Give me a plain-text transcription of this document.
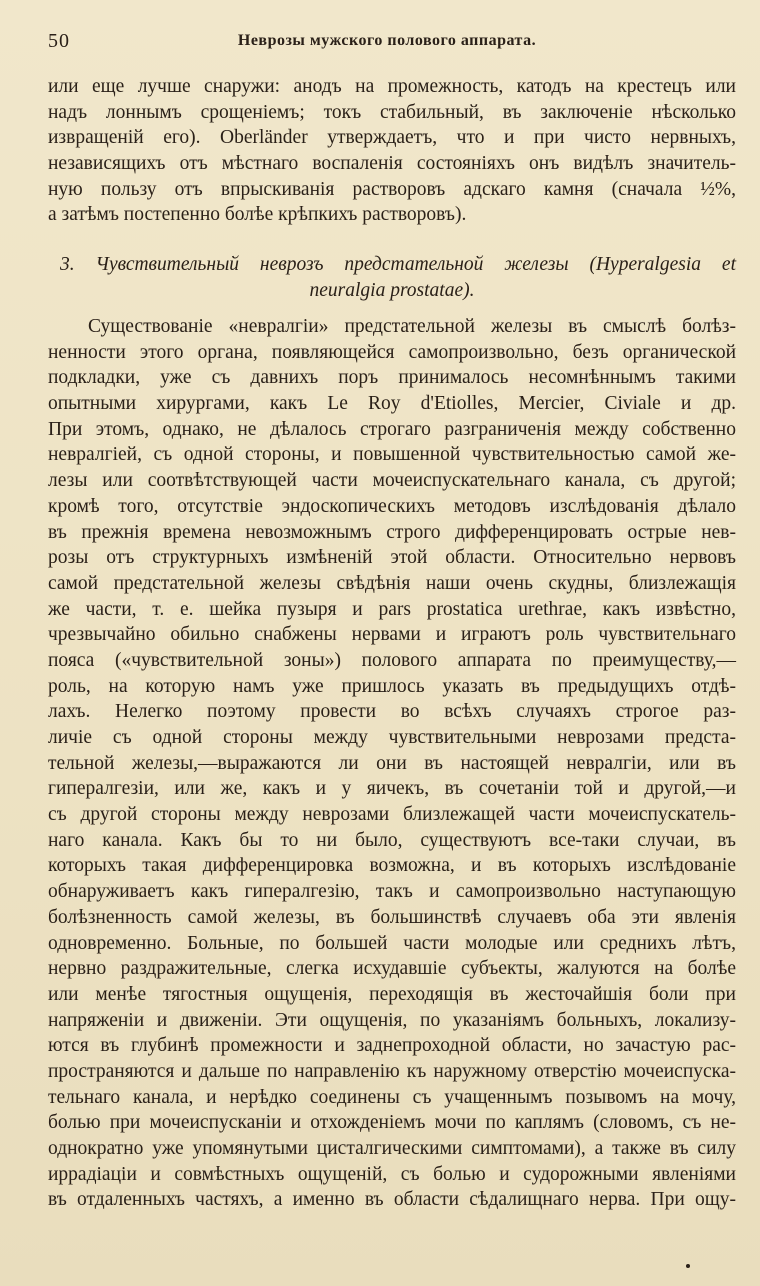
50	Неврозы мужского полового аппарата.
или еще лучше снаружи: анодъ на промежность, катодъ на крестецъ или
надъ лоннымъ срощеніемъ; токъ стабильный, въ заключеніе нѣсколько
извращеній его). Oberländer утверждаетъ, что и при чисто нервныхъ,
независящихъ отъ мѣстнаго воспаленія состояніяхъ онъ видѣлъ значитель-
ную пользу отъ впрыскиванія растворовъ адскаго камня (сначала ½%,
а затѣмъ постепенно болѣе крѣпкихъ растворовъ).
3. Чувствительный неврозъ предстательной железы (Hyperalgesia et
neuralgia prostatae).
Существованіе «невралгіи» предстательной железы въ смыслѣ болѣз-
ненности этого органа, появляющейся самопроизвольно, безъ органической
подкладки, уже съ давнихъ поръ принималось несомнѣннымъ такими
опытными хирургами, какъ Le Roy d'Etiolles, Mercier, Civiale и др.
При этомъ, однако, не дѣлалось строгаго разграниченія между собственно
невралгіей, съ одной стороны, и повышенной чувствительностью самой же-
лезы или соотвѣтствующей части мочеиспускательнаго канала, съ другой;
кромѣ того, отсутствіе эндоскопическихъ методовъ изслѣдованія дѣлало
въ прежнія времена невозможнымъ строго дифференцировать острые нев-
розы отъ структурныхъ измѣненій этой области. Относительно нервовъ
самой предстательной железы свѣдѣнія наши очень скудны, близлежащія
же части, т. е. шейка пузыря и pars prostatica urethrae, какъ извѣстно,
чрезвычайно обильно снабжены нервами и играютъ роль чувствительнаго
пояса («чувствительной зоны») полового аппарата по преимуществу,—
роль, на которую намъ уже пришлось указать въ предыдущихъ отдѣ-
лахъ. Нелегко поэтому провести во всѣхъ случаяхъ строгое раз-
личіе съ одной стороны между чувствительными неврозами предста-
тельной железы,—выражаются ли они въ настоящей невралгіи, или въ
гипералгезіи, или же, какъ и у яичекъ, въ сочетаніи той и другой,—и
съ другой стороны между неврозами близлежащей части мочеиспускатель-
наго канала. Какъ бы то ни было, существуютъ все-таки случаи, въ
которыхъ такая дифференцировка возможна, и въ которыхъ изслѣдованіе
обнаруживаетъ какъ гипералгезію, такъ и самопроизвольно наступающую
болѣзненность самой железы, въ большинствѣ случаевъ оба эти явленія
одновременно. Больные, по большей части молодые или среднихъ лѣтъ,
нервно раздражительные, слегка исхудавшіе субъекты, жалуются на болѣе
или менѣе тягостныя ощущенія, переходящія въ жесточайшія боли при
напряженіи и движеніи. Эти ощущенія, по указаніямъ больныхъ, локализу-
ются въ глубинѣ промежности и заднепроходной области, но зачастую рас-
пространяются и дальше по направленію къ наружному отверстію мочеиспуска-
тельнаго канала, и нерѣдко соединены съ учащеннымъ позывомъ на мочу,
болью при мочеиспусканіи и отхожденіемъ мочи по каплямъ (словомъ, съ не-
однократно уже упомянутыми цисталгическими симптомами), а также въ силу
иррадіаціи и совмѣстныхъ ощущеній, съ болью и судорожными явленіями
въ отдаленныхъ частяхъ, а именно въ области сѣдалищнаго нерва. При ощу-
